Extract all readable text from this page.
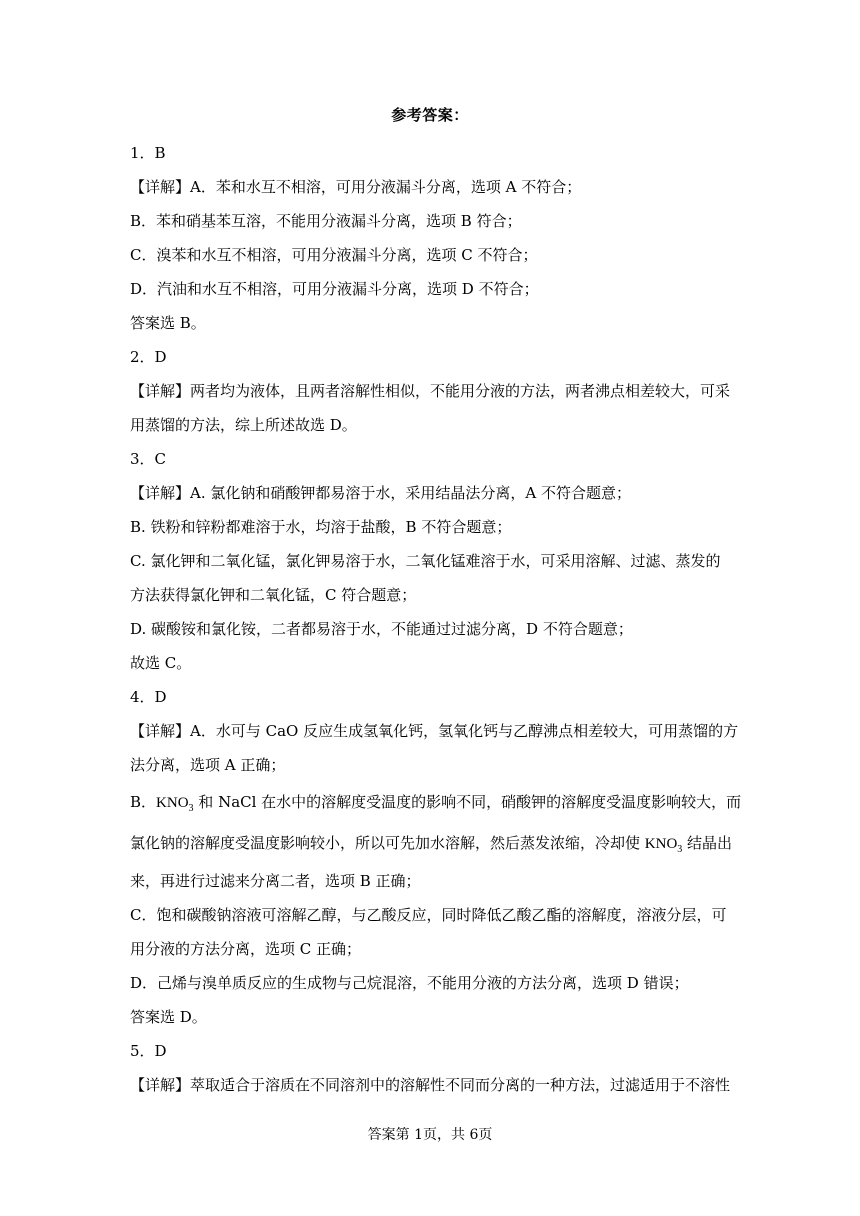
参考答案：
1．B
【详解】A．苯和水互不相溶，可用分液漏斗分离，选项 A 不符合；
B．苯和硝基苯互溶，不能用分液漏斗分离，选项 B 符合；
C．溴苯和水互不相溶，可用分液漏斗分离，选项 C 不符合；
D．汽油和水互不相溶，可用分液漏斗分离，选项 D 不符合；
答案选 B。
2．D
【详解】两者均为液体，且两者溶解性相似，不能用分液的方法，两者沸点相差较大，可采
用蒸馏的方法，综上所述故选 D。
3．C
【详解】A. 氯化钠和硝酸钾都易溶于水，采用结晶法分离，A 不符合题意；
B. 铁粉和锌粉都难溶于水，均溶于盐酸，B 不符合题意；
C. 氯化钾和二氧化锰，氯化钾易溶于水，二氧化锰难溶于水，可采用溶解、过滤、蒸发的
方法获得氯化钾和二氧化锰，C 符合题意；
D. 碳酸铵和氯化铵，二者都易溶于水，不能通过过滤分离，D 不符合题意；
故选 C。
4．D
【详解】A．水可与 CaO 反应生成氢氧化钙，氢氧化钙与乙醇沸点相差较大，可用蒸馏的方
法分离，选项 A 正确；
B．$KNO_3$ 和 NaCl 在水中的溶解度受温度的影响不同，硝酸钾的溶解度受温度影响较大，而
氯化钠的溶解度受温度影响较小，所以可先加水溶解，然后蒸发浓缩，冷却使 $KNO_3$ 结晶出
来，再进行过滤来分离二者，选项 B 正确；
C．饱和碳酸钠溶液可溶解乙醇，与乙酸反应，同时降低乙酸乙酯的溶解度，溶液分层，可
用分液的方法分离，选项 C 正确；
D．己烯与溴单质反应的生成物与己烷混溶，不能用分液的方法分离，选项 D 错误；
答案选 D。
5．D
【详解】萃取适合于溶质在不同溶剂中的溶解性不同而分离的一种方法，过滤适用于不溶性
答案第 1页，共 6页
